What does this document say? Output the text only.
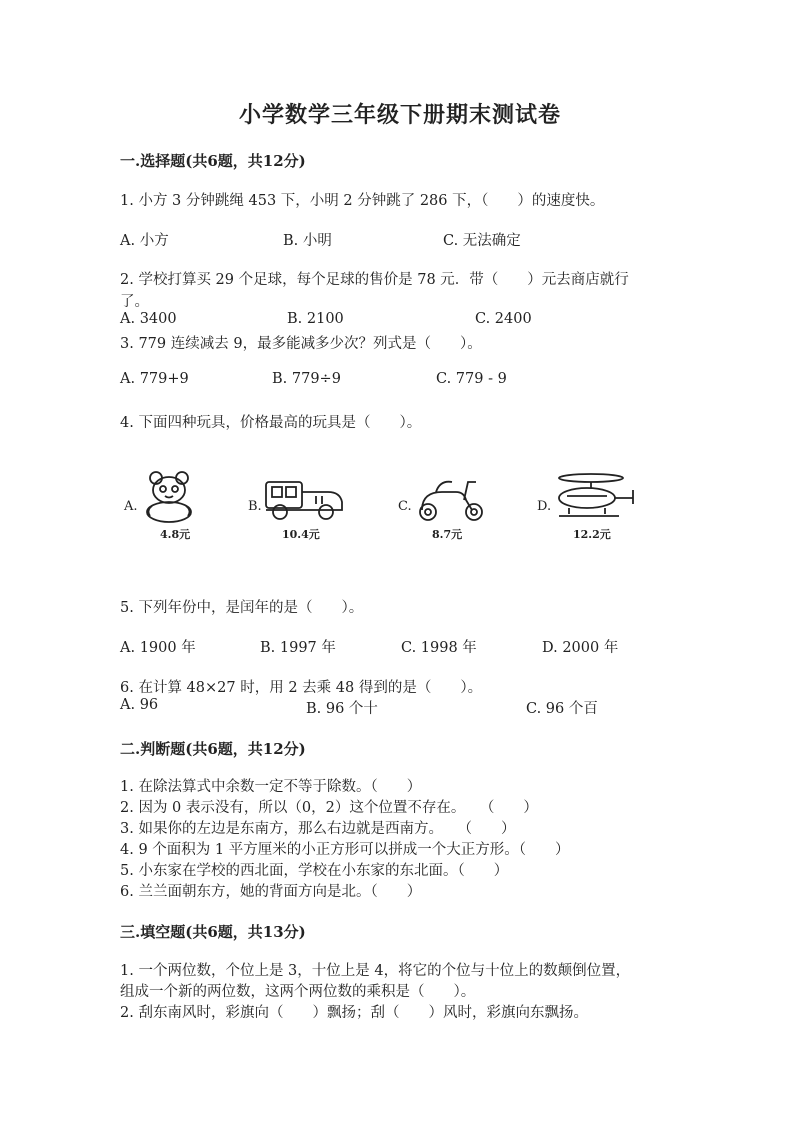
小学数学三年级下册期末测试卷
一.选择题(共6题，共12分)
1. 小方 3 分钟跳绳 453 下，小明 2 分钟跳了 286 下，（　　）的速度快。
A. 小方	B. 小明	C. 无法确定
2. 学校打算买 29 个足球，每个足球的售价是 78 元．带（　　）元去商店就行
了。
A. 3400	B. 2100	C. 2400
3. 779 连续减去 9，最多能减多少次？列式是（　　）。
A. 779+9	B. 779÷9	C. 779 - 9
4. 下面四种玩具，价格最高的玩具是（　　）。
A.
4.8元
B.
10.4元
C.
8.7元
D.
12.2元
5. 下列年份中，是闰年的是（　　）。
A. 1900 年	B. 1997 年	C. 1998 年	D. 2000 年
6. 在计算 48×27 时，用 2 去乘 48 得到的是（　　）。
A. 96	B. 96 个十	C. 96 个百
二.判断题(共6题，共12分)
1. 在除法算式中余数一定不等于除数。（　　）
2. 因为 0 表示没有，所以（0，2）这个位置不存在。　　（　　）
3. 如果你的左边是东南方，那么右边就是西南方。　　（　　）
4. 9 个面积为 1 平方厘米的小正方形可以拼成一个大正方形。（　　）
5. 小东家在学校的西北面，学校在小东家的东北面。（　　）
6. 兰兰面朝东方，她的背面方向是北。（　　）
三.填空题(共6题，共13分)
1. 一个两位数，个位上是 3，十位上是 4，将它的个位与十位上的数颠倒位置，
组成一个新的两位数，这两个两位数的乘积是（　　）。
2. 刮东南风时，彩旗向（　　）飘扬；刮（　　）风时，彩旗向东飘扬。
